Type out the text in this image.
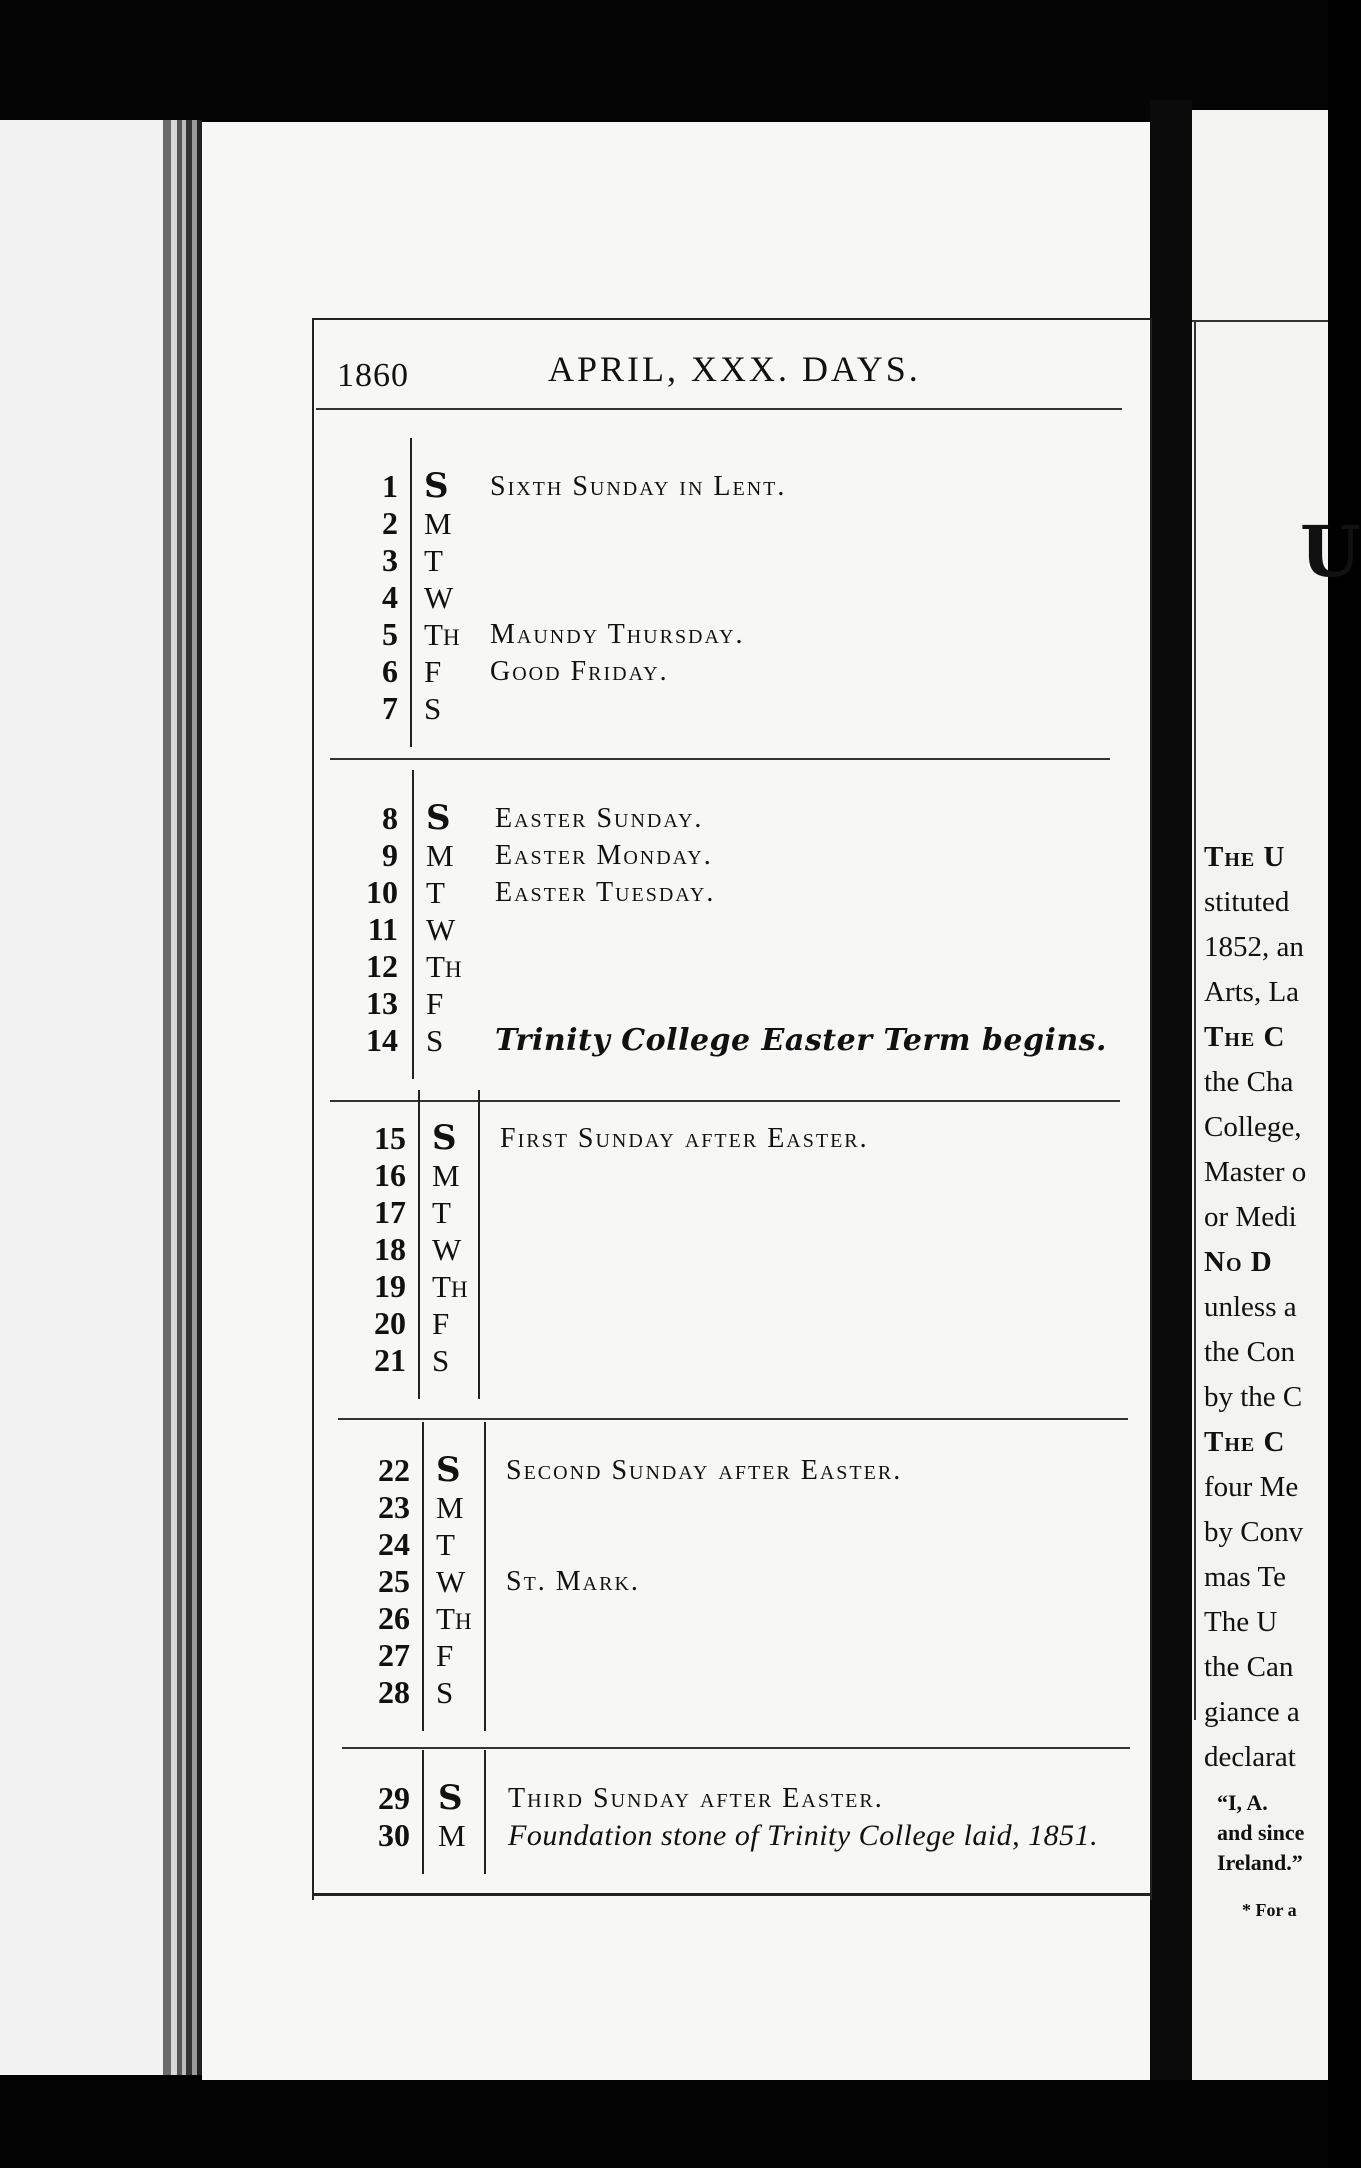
U
The U
stituted
1852, an
Arts, La
The C
the Cha
College,
Master o
or Medi
No D
unless a
the Con
by the C
The C
four Me
by Conv
mas Te
The U
the Can
giance a
declarat
“I, A.
and since
Ireland.”
* For a
1860	APRIL, XXX. DAYS.
1 S Sixth Sunday in Lent.
2 M
3 T
4 W
5 TH Maundy Thursday.
6 F Good Friday.
7 S
8 S Easter Sunday.
9 M Easter Monday.
10 T Easter Tuesday.
11 W
12 TH
13 F
14 S Trinity College Easter Term begins.
15 S First Sunday after Easter.
16 M
17 T
18 W
19 TH
20 F
21 S
22 S Second Sunday after Easter.
23 M
24 T
25 W St. Mark.
26 TH
27 F
28 S
29 S Third Sunday after Easter.
30 M Foundation stone of Trinity College laid, 1851.
